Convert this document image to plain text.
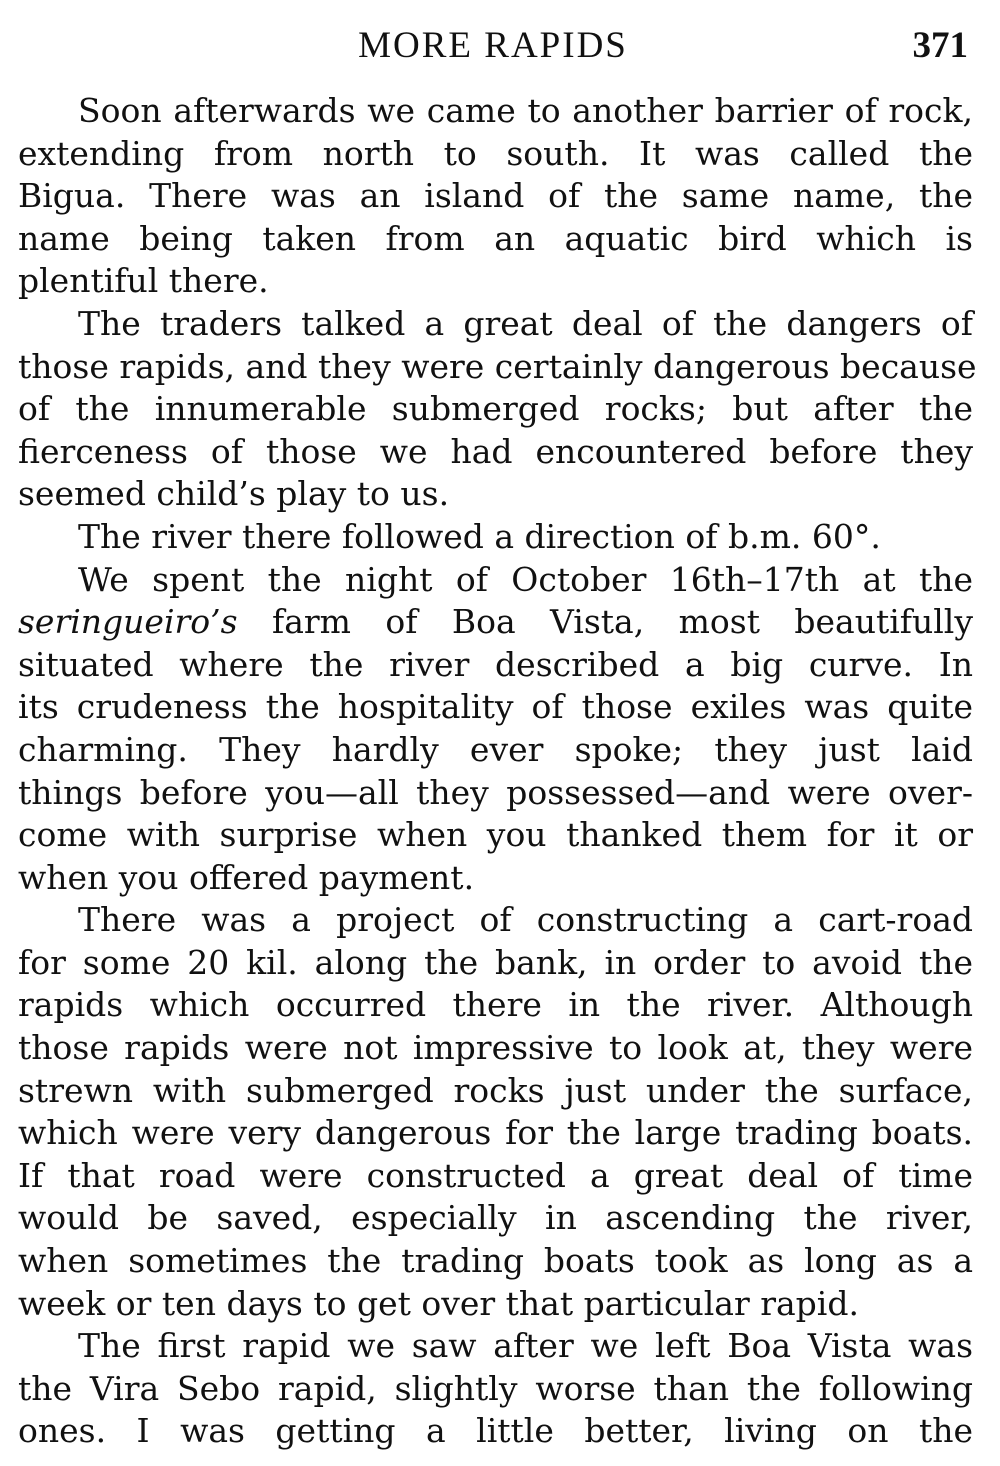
MORE RAPIDS	371
Soon afterwards we came to another barrier of rock,
extending from north to south. It was called the
Bigua. There was an island of the same name, the
name being taken from an aquatic bird which is
plentiful there.
The traders talked a great deal of the dangers of
those rapids, and they were certainly dangerous because
of the innumerable submerged rocks; but after the
fierceness of those we had encountered before they
seemed child’s play to us.
The river there followed a direction of b.m. 60°.
We spent the night of October 16th–17th at the
seringueiro’s farm of Boa Vista, most beautifully
situated where the river described a big curve. In
its crudeness the hospitality of those exiles was quite
charming. They hardly ever spoke; they just laid
things before you—all they possessed—and were over-
come with surprise when you thanked them for it or
when you offered payment.
There was a project of constructing a cart-road
for some 20 kil. along the bank, in order to avoid the
rapids which occurred there in the river. Although
those rapids were not impressive to look at, they were
strewn with submerged rocks just under the surface,
which were very dangerous for the large trading boats.
If that road were constructed a great deal of time
would be saved, especially in ascending the river,
when sometimes the trading boats took as long as a
week or ten days to get over that particular rapid.
The first rapid we saw after we left Boa Vista was
the Vira Sebo rapid, slightly worse than the following
ones. I was getting a little better, living on the
